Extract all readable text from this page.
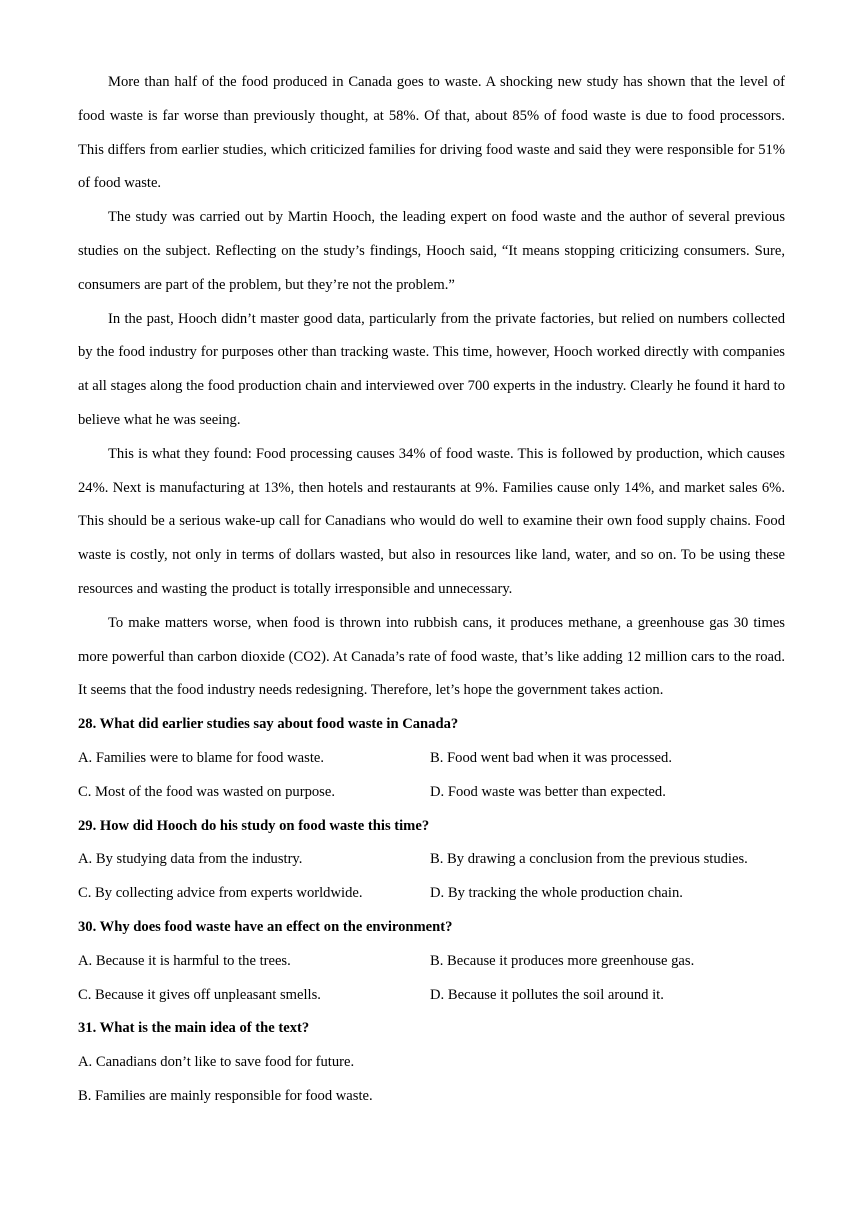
More than half of the food produced in Canada goes to waste. A shocking new study has shown that the level of food waste is far worse than previously thought, at 58%. Of that, about 85% of food waste is due to food processors. This differs from earlier studies, which criticized families for driving food waste and said they were responsible for 51% of food waste.

The study was carried out by Martin Hooch, the leading expert on food waste and the author of several previous studies on the subject. Reflecting on the study’s findings, Hooch said, “It means stopping criticizing consumers. Sure, consumers are part of the problem, but they’re not the problem.”

In the past, Hooch didn’t master good data, particularly from the private factories, but relied on numbers collected by the food industry for purposes other than tracking waste. This time, however, Hooch worked directly with companies at all stages along the food production chain and interviewed over 700 experts in the industry. Clearly he found it hard to believe what he was seeing.

This is what they found: Food processing causes 34% of food waste. This is followed by production, which causes 24%. Next is manufacturing at 13%, then hotels and restaurants at 9%. Families cause only 14%, and market sales 6%. This should be a serious wake-up call for Canadians who would do well to examine their own food supply chains. Food waste is costly, not only in terms of dollars wasted, but also in resources like land, water, and so on. To be using these resources and wasting the product is totally irresponsible and unnecessary.

To make matters worse, when food is thrown into rubbish cans, it produces methane, a greenhouse gas 30 times more powerful than carbon dioxide (CO2). At Canada’s rate of food waste, that’s like adding 12 million cars to the road. It seems that the food industry needs redesigning. Therefore, let’s hope the government takes action.

28. What did earlier studies say about food waste in Canada?

A. Families were to blame for food waste.	B. Food went bad when it was processed.
C. Most of the food was wasted on purpose.	D. Food waste was better than expected.

29. How did Hooch do his study on food waste this time?

A. By studying data from the industry.	B. By drawing a conclusion from the previous studies.
C. By collecting advice from experts worldwide.	D. By tracking the whole production chain.

30. Why does food waste have an effect on the environment?

A. Because it is harmful to the trees.	B. Because it produces more greenhouse gas.
C. Because it gives off unpleasant smells.	D. Because it pollutes the soil around it.

31. What is the main idea of the text?

A. Canadians don’t like to save food for future.

B. Families are mainly responsible for food waste.
